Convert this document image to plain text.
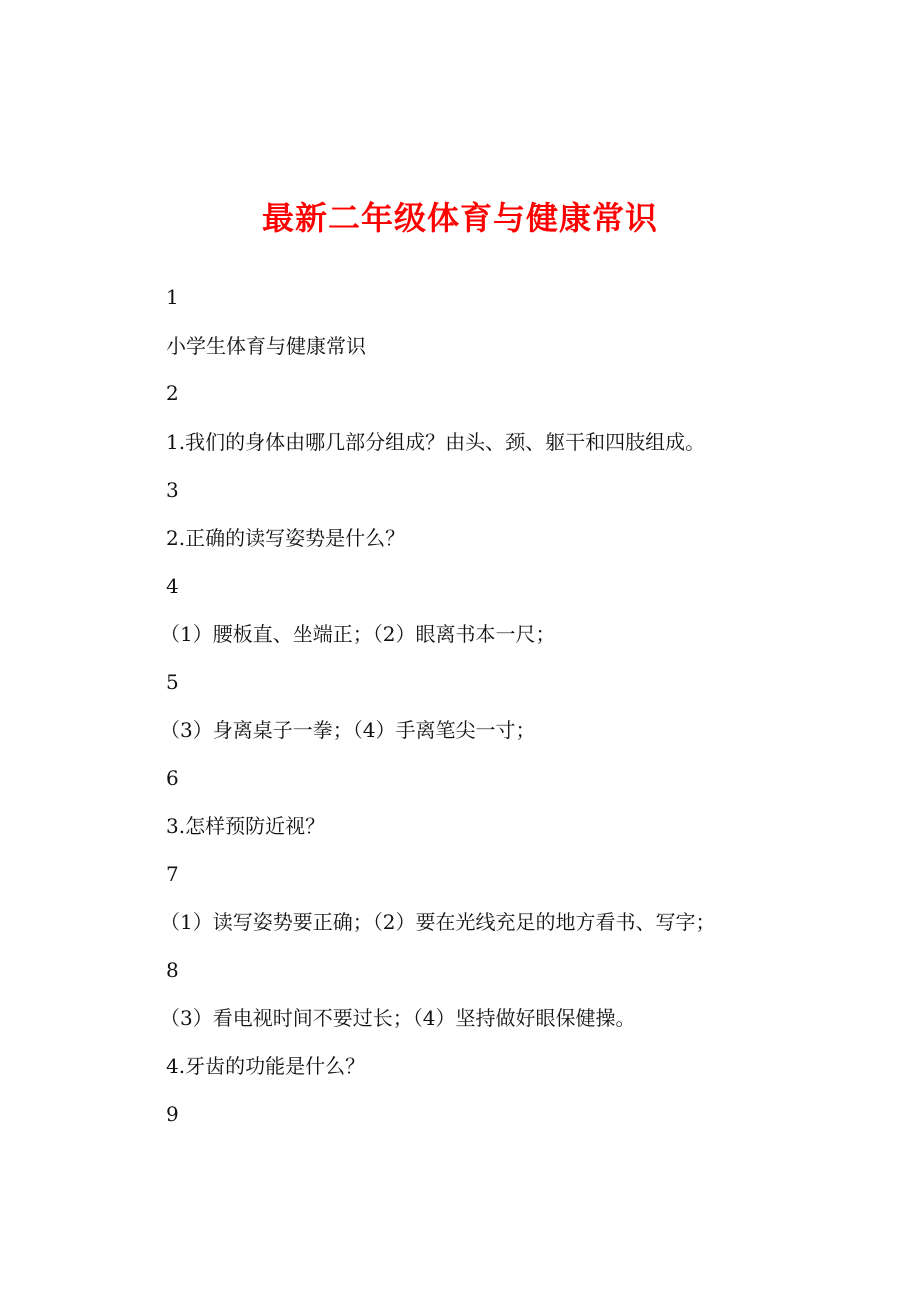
最新二年级体育与健康常识
1
小学生体育与健康常识
2
1.我们的身体由哪几部分组成？由头、颈、躯干和四肢组成。
3
2.正确的读写姿势是什么？
4
（1）腰板直、坐端正；（2）眼离书本一尺；
5
（3）身离桌子一拳；（4）手离笔尖一寸；
6
3.怎样预防近视？
7
（1）读写姿势要正确；（2）要在光线充足的地方看书、写字；
8
（3）看电视时间不要过长；（4）坚持做好眼保健操。
4.牙齿的功能是什么？
9
